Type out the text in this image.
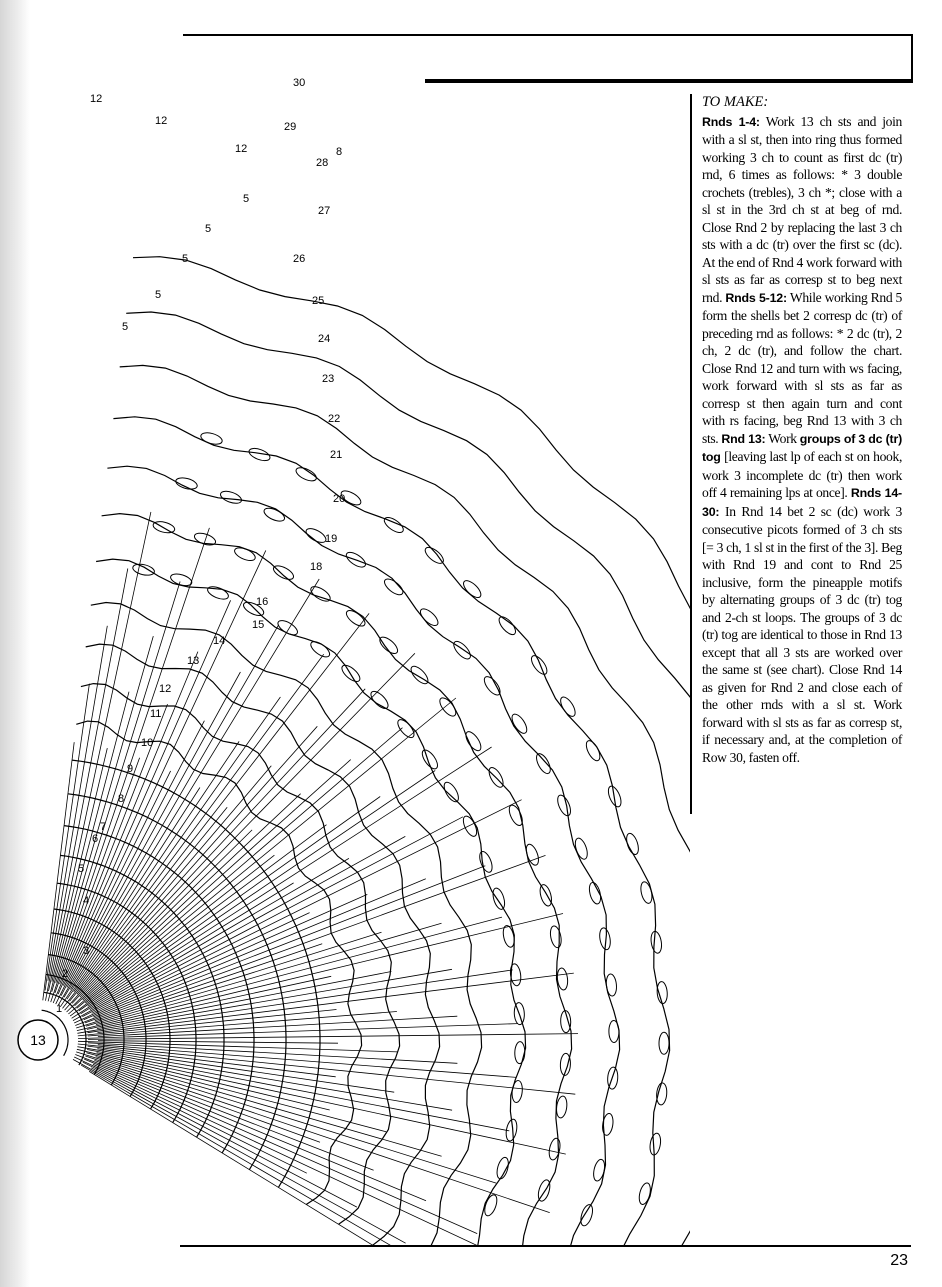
30
29
28
27
26
25
24
23
22
21
20
19
18
16
15
14
13
12
11
10
9
8
7
6
5
4
3
2
1
12
12
12	8
5
5
5
5
5
13

TO MAKE:

Rnds 1-4: Work 13 ch sts and join with a sl st, then into ring thus formed working 3 ch to count as first dc (tr) rnd, 6 times as follows: * 3 double crochets (trebles), 3 ch *; close with a sl st in the 3rd ch st at beg of rnd. Close Rnd 2 by replacing the last 3 ch sts with a dc (tr) over the first sc (dc). At the end of Rnd 4 work forward with sl sts as far as corresp st to beg next rnd. Rnds 5-12: While working Rnd 5 form the shells bet 2 corresp dc (tr) of preceding rnd as follows: * 2 dc (tr), 2 ch, 2 dc (tr), and follow the chart. Close Rnd 12 and turn with ws facing, work forward with sl sts as far as corresp st then again turn and cont with rs facing, beg Rnd 13 with 3 ch sts. Rnd 13: Work groups of 3 dc (tr) tog [leaving last lp of each st on hook, work 3 incomplete dc (tr) then work off 4 remaining lps at once]. Rnds 14-30: In Rnd 14 bet 2 sc (dc) work 3 consecutive picots formed of 3 ch sts [= 3 ch, 1 sl st in the first of the 3]. Beg with Rnd 19 and cont to Rnd 25 inclusive, form the pineapple motifs by alternating groups of 3 dc (tr) tog and 2-ch st loops. The groups of 3 dc (tr) tog are identical to those in Rnd 13 except that all 3 sts are worked over the same st (see chart). Close Rnd 14 as given for Rnd 2 and close each of the other rnds with a sl st. Work forward with sl sts as far as corresp st, if necessary and, at the completion of Row 30, fasten off.

23
